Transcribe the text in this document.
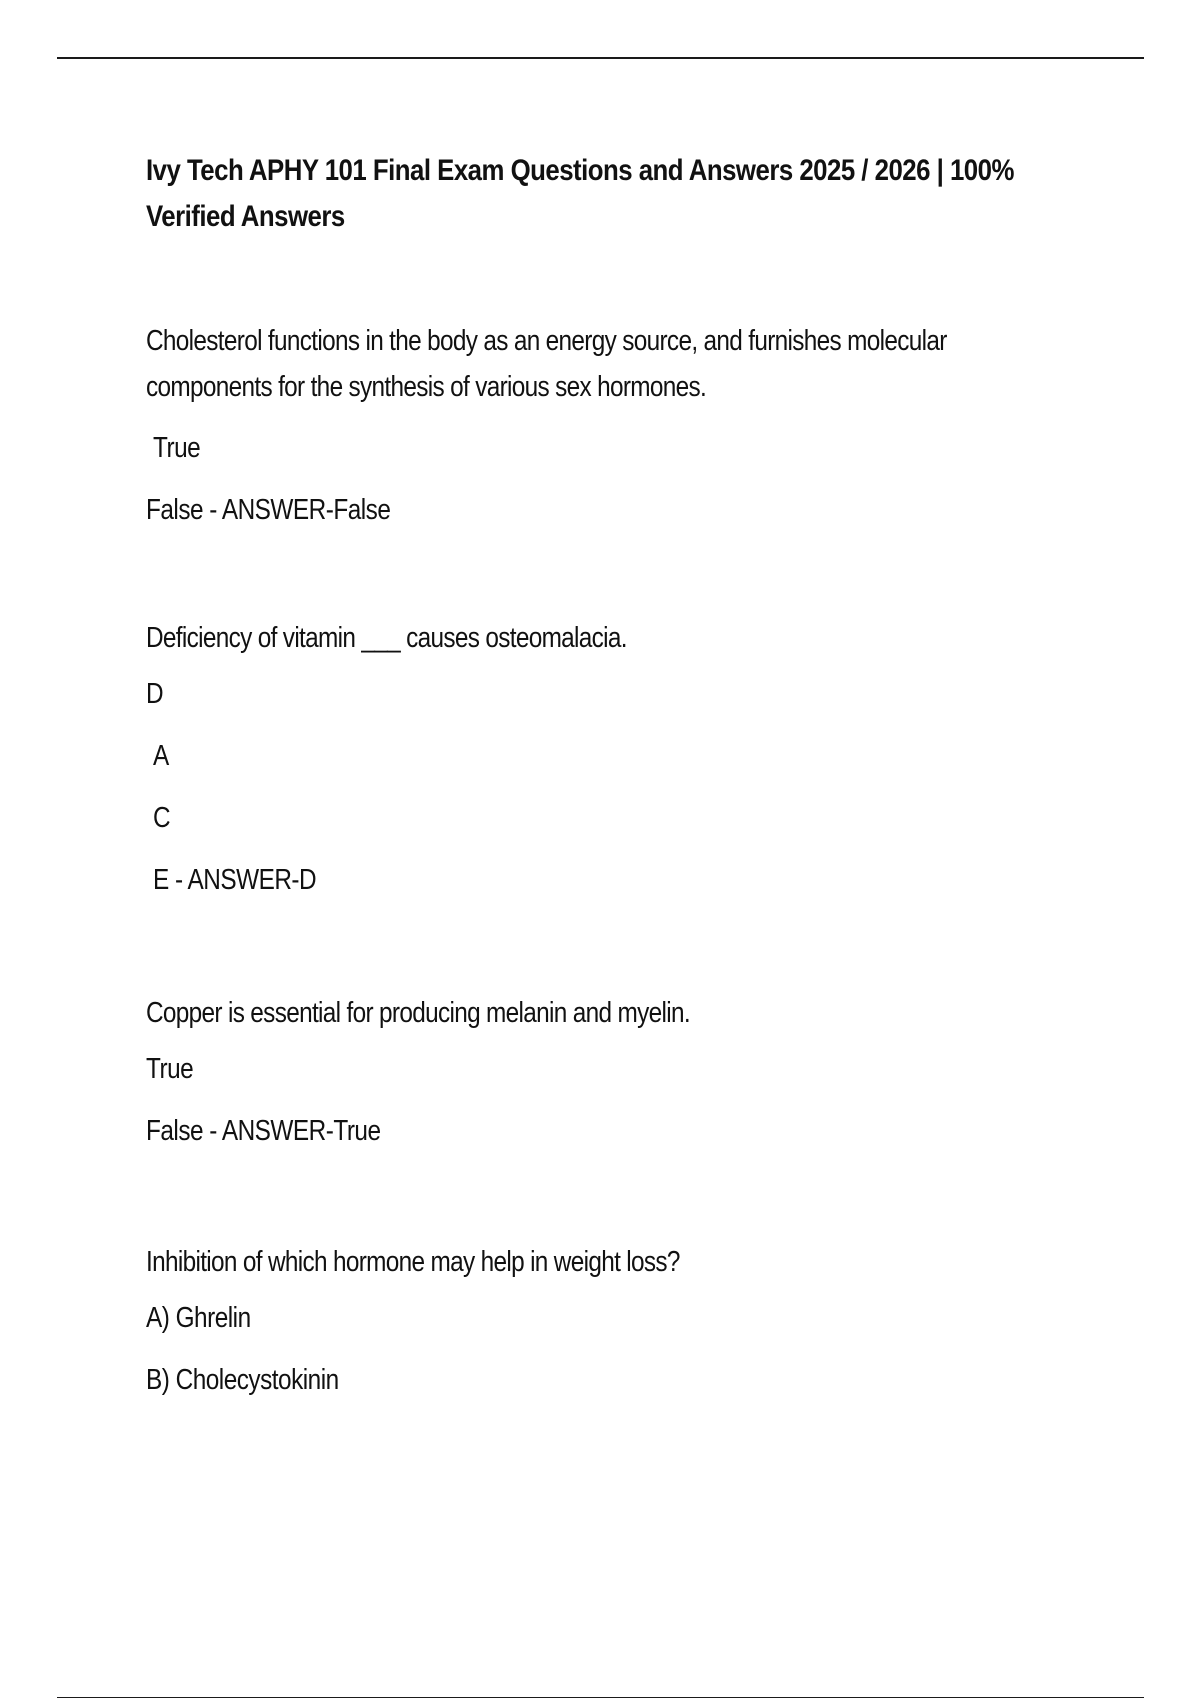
Ivy Tech APHY 101 Final Exam Questions and Answers 2025 / 2026 | 100%
Verified Answers
Cholesterol functions in the body as an energy source, and furnishes molecular
components for the synthesis of various sex hormones.
True
False - ANSWER-False
Deficiency of vitamin ___ causes osteomalacia.
D
A
C
E - ANSWER-D
Copper is essential for producing melanin and myelin.
True
False - ANSWER-True
Inhibition of which hormone may help in weight loss?
A) Ghrelin
B) Cholecystokinin
